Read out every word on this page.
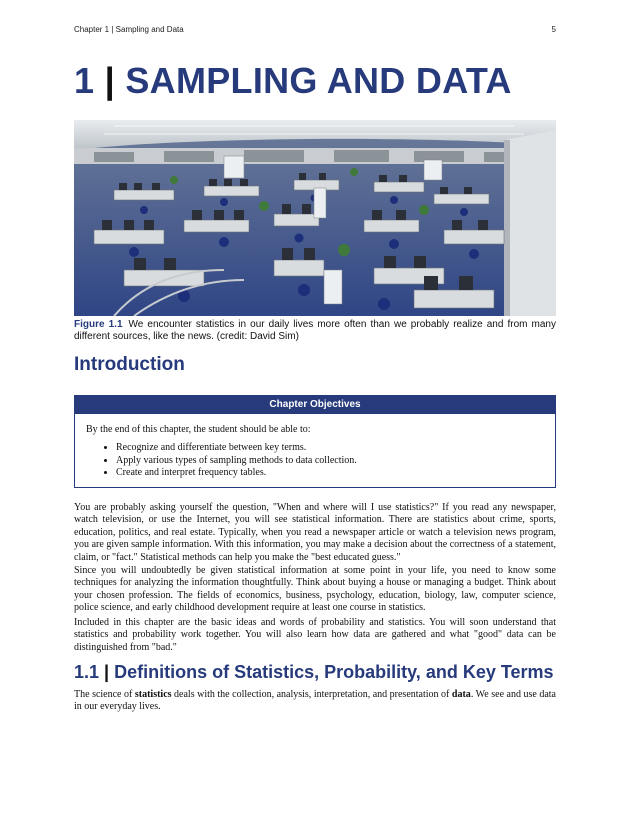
Chapter 1 | Sampling and Data	5
1 | SAMPLING AND DATA
Figure 1.1 We encounter statistics in our daily lives more often than we probably realize and from many different sources, like the news. (credit: David Sim)
Introduction
Chapter Objectives
By the end of this chapter, the student should be able to:
• Recognize and differentiate between key terms.
• Apply various types of sampling methods to data collection.
• Create and interpret frequency tables.

You are probably asking yourself the question, "When and where will I use statistics?" If you read any newspaper, watch television, or use the Internet, you will see statistical information. There are statistics about crime, sports, education, politics, and real estate. Typically, when you read a newspaper article or watch a television news program, you are given sample information. With this information, you may make a decision about the correctness of a statement, claim, or "fact." Statistical methods can help you make the "best educated guess."

Since you will undoubtedly be given statistical information at some point in your life, you need to know some techniques for analyzing the information thoughtfully. Think about buying a house or managing a budget. Think about your chosen profession. The fields of economics, business, psychology, education, biology, law, computer science, police science, and early childhood development require at least one course in statistics.

Included in this chapter are the basic ideas and words of probability and statistics. You will soon understand that statistics and probability work together. You will also learn how data are gathered and what "good" data can be distinguished from "bad."

1.1 | Definitions of Statistics, Probability, and Key Terms

The science of statistics deals with the collection, analysis, interpretation, and presentation of data. We see and use data in our everyday lives.
